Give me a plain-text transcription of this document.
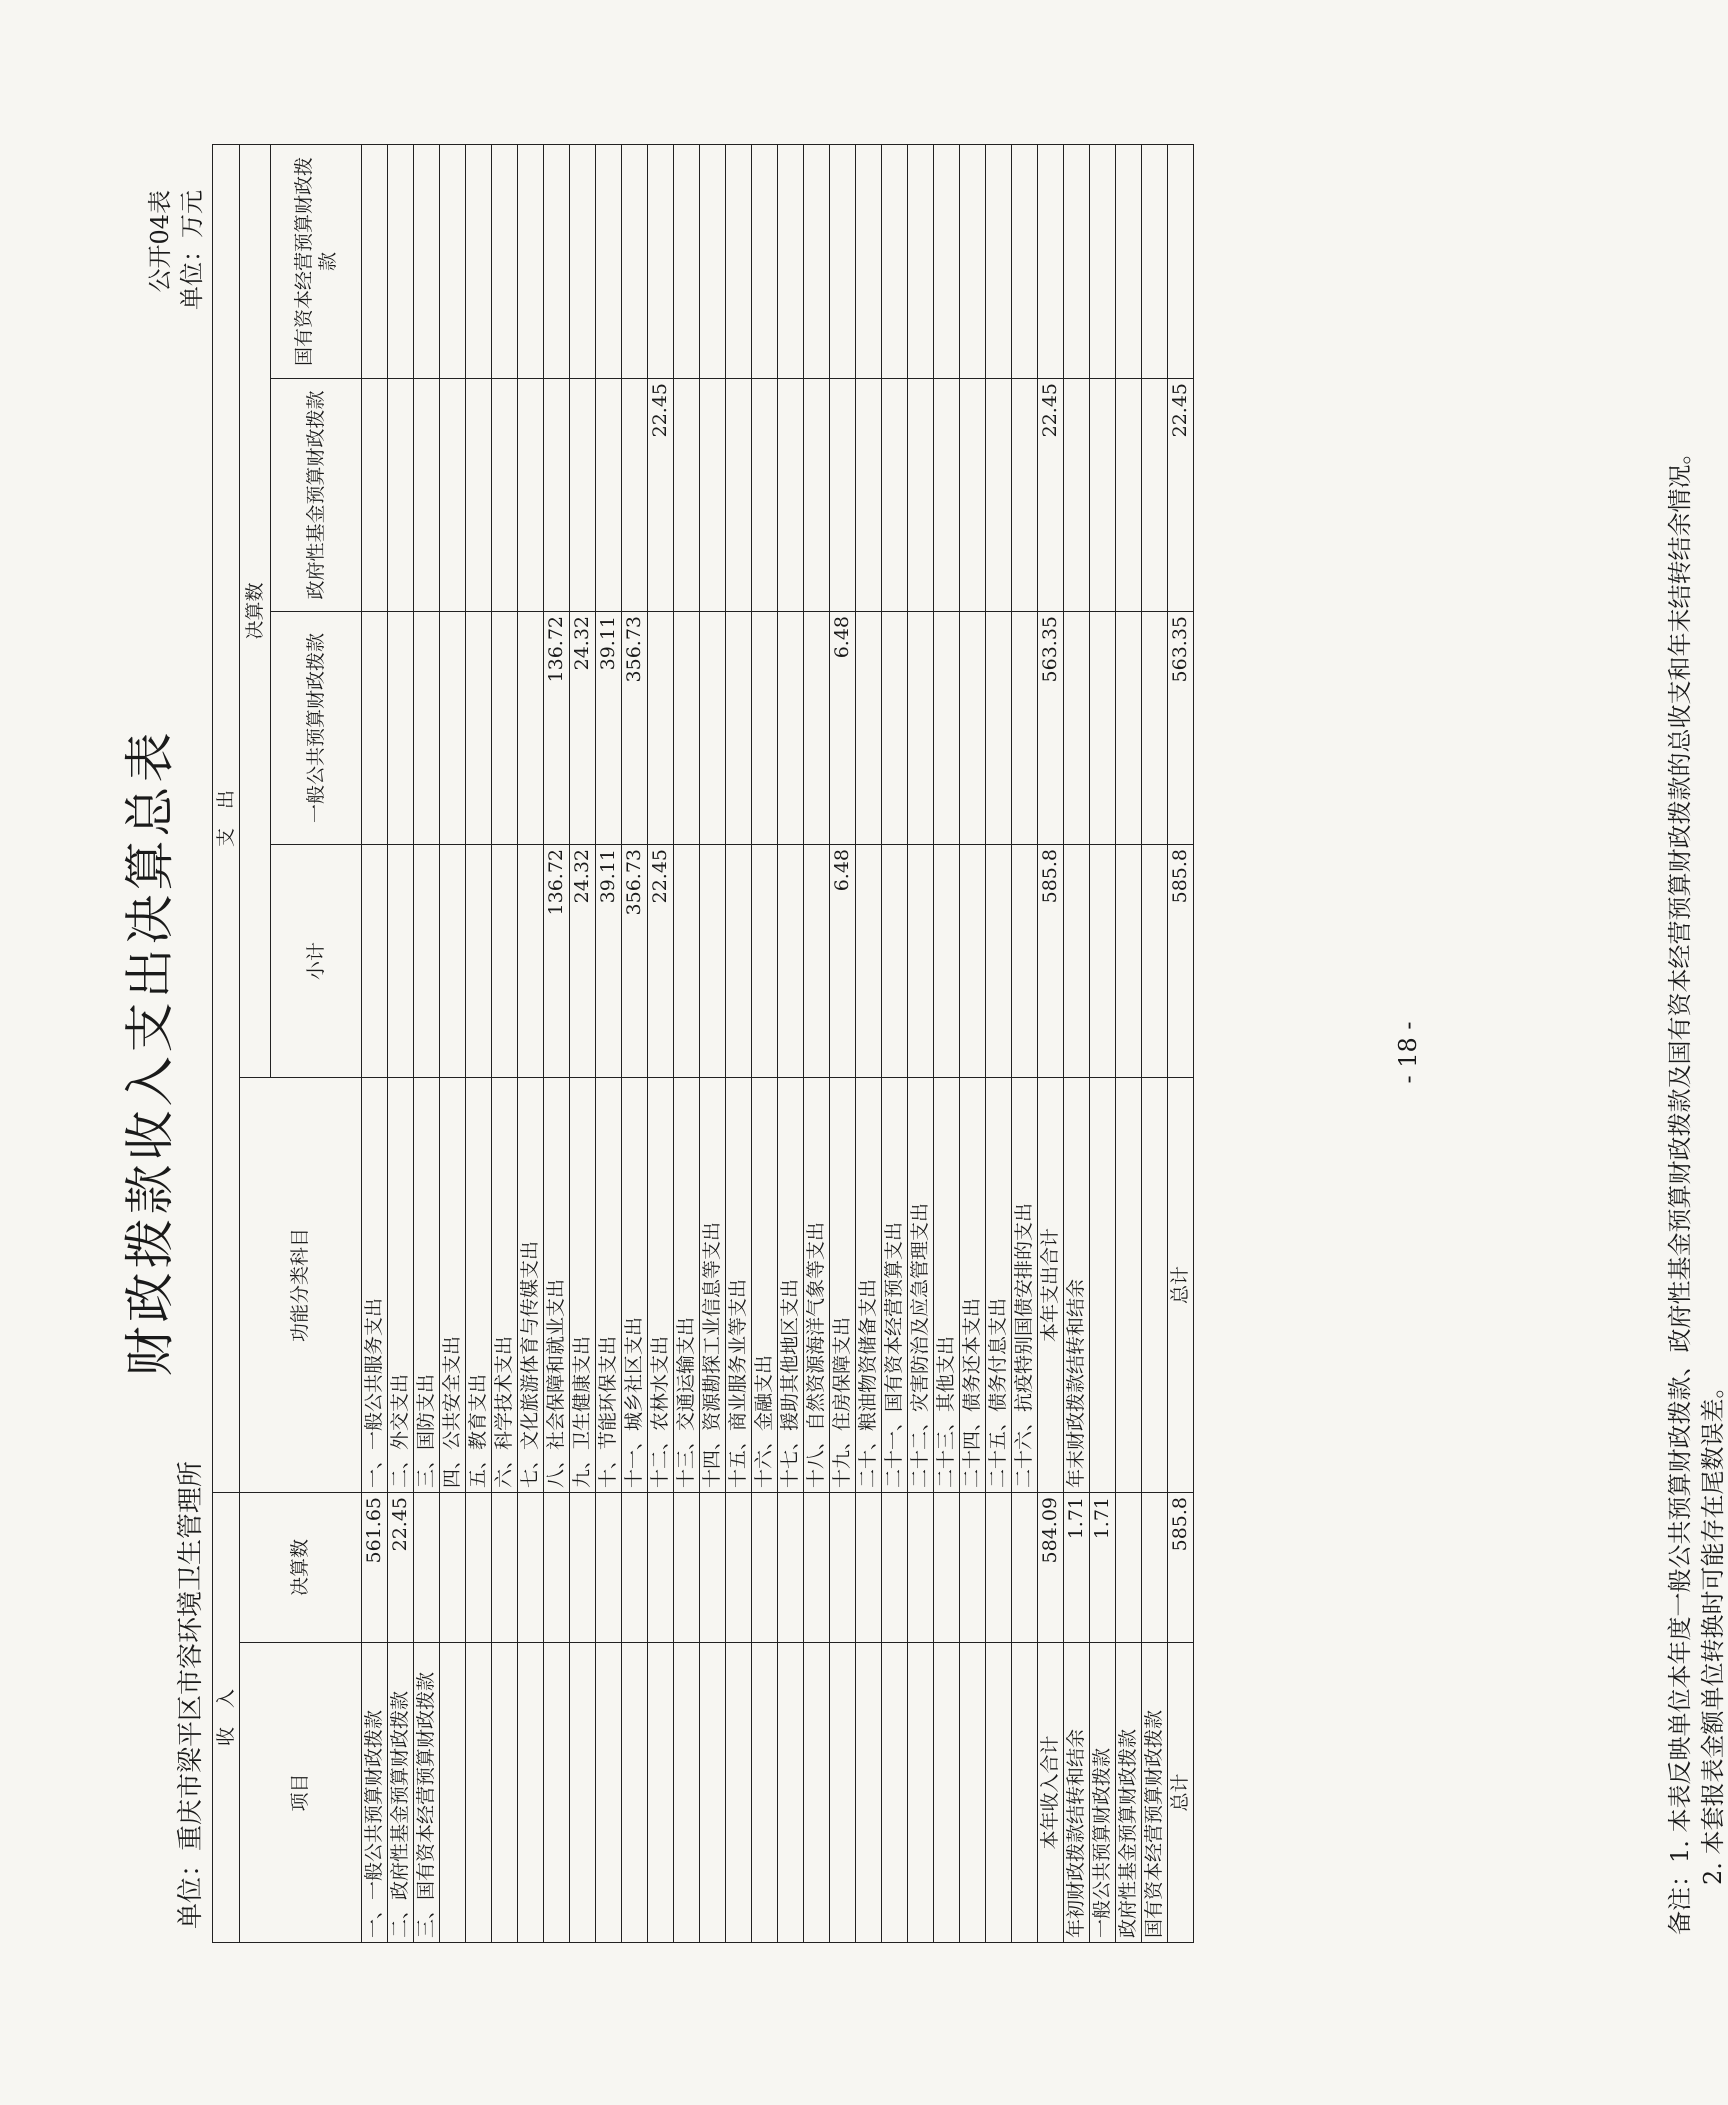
财政拨款收入支出决算总表
单位：重庆市梁平区市容环境卫生管理所
公开04表 单位：万元
收　入		支　出				
项目	决算数	功能分类科目	决算数			
			小计	一般公共预算财政拨款	政府性基金预算财政拨款	国有资本经营预算财政拨款
一、一般公共预算财政拨款	561.65	一、一般公共服务支出				
二、政府性基金预算财政拨款	22.45	二、外交支出				
三、国有资本经营预算财政拨款		三、国防支出				
		四、公共安全支出				
		五、教育支出				
		六、科学技术支出				
		七、文化旅游体育与传媒支出				
		八、社会保障和就业支出	136.72	136.72		
		九、卫生健康支出	24.32	24.32		
		十、节能环保支出	39.11	39.11		
		十一、城乡社区支出	356.73	356.73		
		十二、农林水支出	22.45		22.45	
		十三、交通运输支出				
		十四、资源勘探工业信息等支出				
		十五、商业服务业等支出				
		十六、金融支出				
		十七、援助其他地区支出				
		十八、自然资源海洋气象等支出				
		十九、住房保障支出	6.48	6.48		
		二十、粮油物资储备支出				
		二十一、国有资本经营预算支出				
		二十二、灾害防治及应急管理支出				
		二十三、其他支出				
		二十四、债务还本支出				
		二十五、债务付息支出				
		二十六、抗疫特别国债安排的支出				
本年收入合计	584.09	本年支出合计	585.8	563.35	22.45	
年初财政拨款结转和结余	1.71	年末财政拨款结转和结余				
一般公共预算财政拨款	1.71					
政府性基金预算财政拨款						
国有资本经营预算财政拨款						
总计	585.8	总计	585.8	563.35	22.45	
备注：1. 本表反映单位本年度一般公共预算财政拨款、政府性基金预算财政拨款及国有资本经营预算财政拨款的总收支和年末结转结余情况。 2. 本套报表金额单位转换时可能存在尾数误差。
- 18 -
